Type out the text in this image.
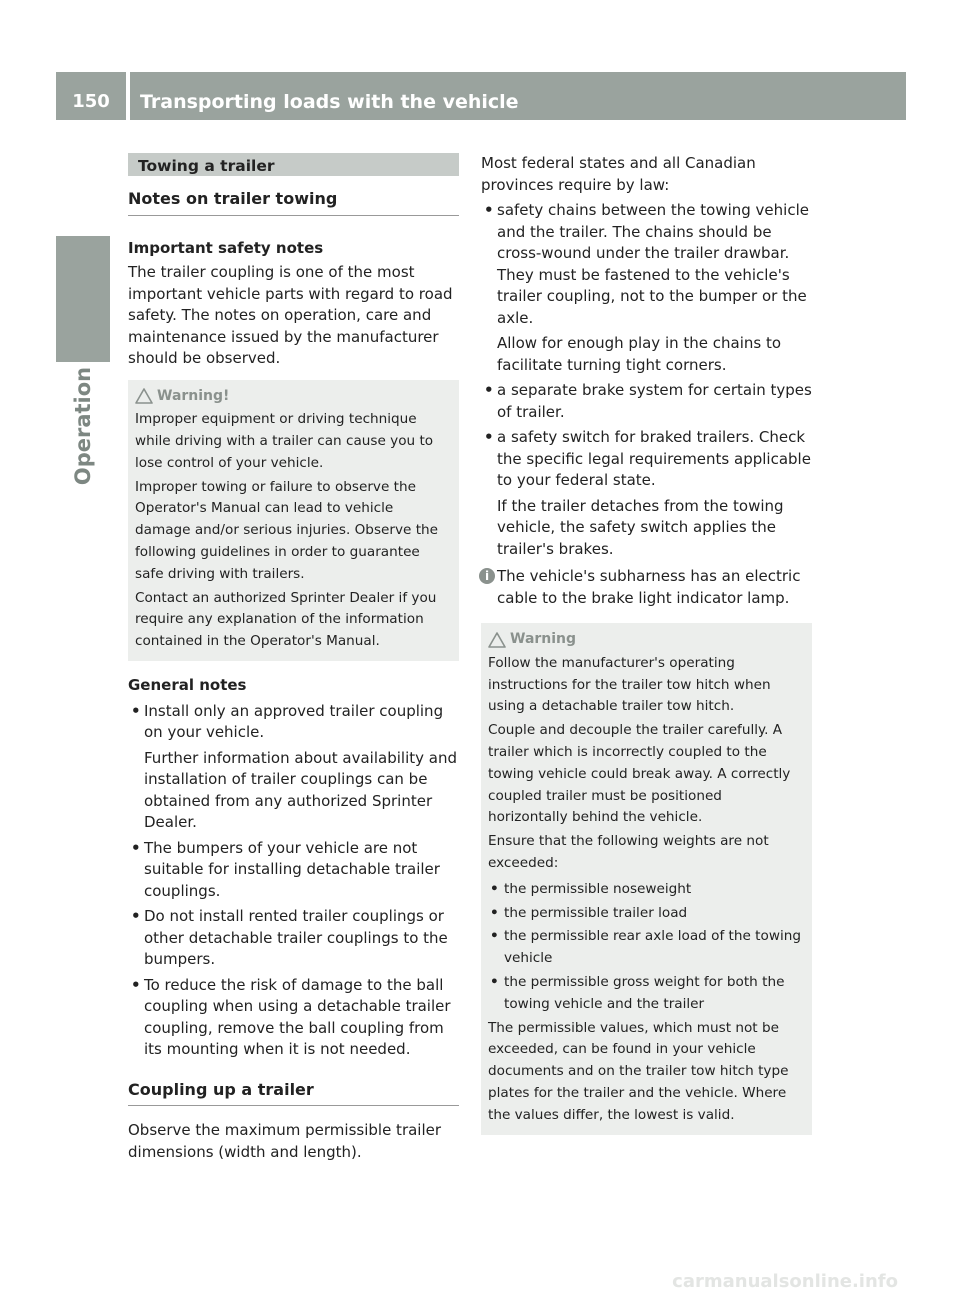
150	Transporting loads with the vehicle
Operation
Towing a trailer
Notes on trailer towing

Important safety notes

The trailer coupling is one of the most important vehicle parts with regard to road safety. The notes on operation, care and maintenance issued by the manufacturer should be observed.

Warning!

Improper equipment or driving technique while driving with a trailer can cause you to lose control of your vehicle.

Improper towing or failure to observe the Operator's Manual can lead to vehicle damage and/or serious injuries. Observe the following guidelines in order to guarantee safe driving with trailers.

Contact an authorized Sprinter Dealer if you require any explanation of the information contained in the Operator's Manual.

General notes

• Install only an approved trailer coupling on your vehicle.
Further information about availability and installation of trailer couplings can be obtained from any authorized Sprinter Dealer.
• The bumpers of your vehicle are not suitable for installing detachable trailer couplings.
• Do not install rented trailer couplings or other detachable trailer couplings to the bumpers.
• To reduce the risk of damage to the ball coupling when using a detachable trailer coupling, remove the ball coupling from its mounting when it is not needed.
Coupling up a trailer

Observe the maximum permissible trailer dimensions (width and length).

Most federal states and all Canadian provinces require by law:

• safety chains between the towing vehicle and the trailer. The chains should be cross-wound under the trailer drawbar. They must be fastened to the vehicle's trailer coupling, not to the bumper or the axle.
Allow for enough play in the chains to facilitate turning tight corners.
• a separate brake system for certain types of trailer.
• a safety switch for braked trailers. Check the specific legal requirements applicable to your federal state.
If the trailer detaches from the towing vehicle, the safety switch applies the trailer's brakes.
i The vehicle's subharness has an electric cable to the brake light indicator lamp.
Warning

Follow the manufacturer's operating instructions for the trailer tow hitch when using a detachable trailer tow hitch.

Couple and decouple the trailer carefully. A trailer which is incorrectly coupled to the towing vehicle could break away. A correctly coupled trailer must be positioned horizontally behind the vehicle.

Ensure that the following weights are not exceeded:

• the permissible noseweight
• the permissible trailer load
• the permissible rear axle load of the towing vehicle
• the permissible gross weight for both the towing vehicle and the trailer

The permissible values, which must not be exceeded, can be found in your vehicle documents and on the trailer tow hitch type plates for the trailer and the vehicle. Where the values differ, the lowest is valid.

carmanualsonline.info
